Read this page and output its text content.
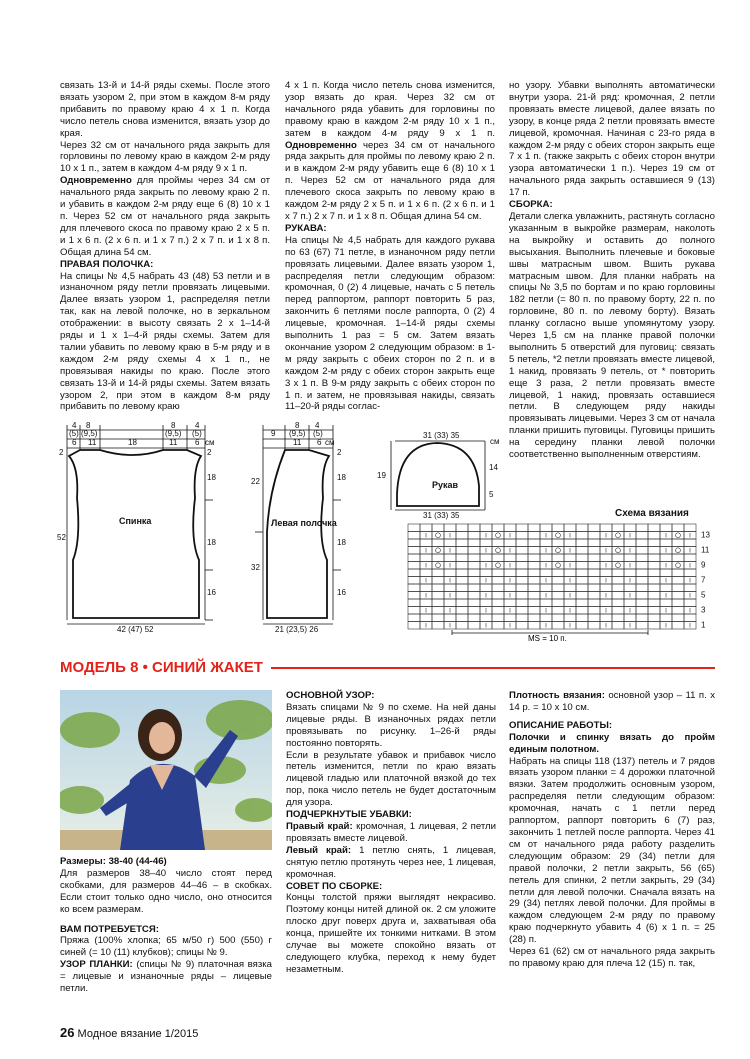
связать 13-й и 14-й ряды схемы. После этого вязать узором 2, при этом в каждом 8-м ряду прибавить по правому краю 4 х 1 п. Когда число петель снова изменится, вязать узор до края.

Через 32 см от начального ряда закрыть для горловины по левому краю в каждом 2-м ряду 10 х 1 п., затем в каждом 4-м ряду 9 х 1 п.

Одновременно для проймы через 34 см от начального ряда закрыть по левому краю 2 п. и убавить в каждом 2-м ряду еще 6 (8) 10 х 1 п. Через 52 см от начального ряда закрыть для плечевого скоса по правому краю 2 х 5 п. и 1 х 6 п. (2 х 6 п. и 1 х 7 п.) 2 х 7 п. и 1 х 8 п. Общая длина 54 см.

ПРАВАЯ ПОЛОЧКА:

На спицы № 4,5 набрать 43 (48) 53 петли и в изнаночном ряду петли провязать лицевыми. Далее вязать узором 1, распределяя петли так, как на левой полочке, но в зеркальном отображении: в высоту связать 2 х 1–14-й ряды и 1 х 1–4-й ряды схемы. Затем для талии убавить по левому краю в 5-м ряду и в каждом 2-м ряду схемы 4 х 1 п., не провязывая накиды по краю. После этого связать 13-й и 14-й ряды схемы. Затем вязать узором 2, при этом в каждом 8-м ряду прибавить по левому краю

4 х 1 п. Когда число петель снова изменится, узор вязать до края. Через 32 см от начального ряда убавить для горловины по правому краю в каждом 2-м ряду 10 х 1 п., затем в каждом 4-м ряду 9 х 1 п. Одновременно через 34 см от начального ряда закрыть для проймы по левому краю 2 п. и в каждом 2-м ряду убавить еще 6 (8) 10 х 1 п. Через 52 см от начального ряда для плечевого скоса закрыть по левому краю в каждом 2-м ряду 2 х 5 п. и 1 х 6 п. (2 х 6 п. и 1 х 7 п.) 2 х 7 п. и 1 х 8 п. Общая длина 54 см.

РУКАВА:

На спицы № 4,5 набрать для каждого рукава по 63 (67) 71 петле, в изнаночном ряду петли провязать лицевыми. Далее вязать узором 1, распределяя петли следующим образом: кромочная, 0 (2) 4 лицевые, начать с 5 петель перед раппортом, раппорт повторить 5 раз, закончить 6 петлями после раппорта, 0 (2) 4 лицевые, кромочная. 1–14-й ряды схемы выполнить 1 раз = 5 см. Затем вязать окончание узором 2 следующим образом: в 1-м ряду закрыть с обеих сторон по 2 п. и в каждом 2-м ряду с обеих сторон закрыть еще 3 х 1 п. В 9-м ряду закрыть с обеих сторон по 1 п. и затем, не провязывая накиды, связать 11–20-й ряды соглас-

но узору. Убавки выполнять автоматически внутри узора. 21-й ряд: кромочная, 2 петли провязать вместе лицевой, далее вязать по узору, в конце ряда 2 петли провязать вместе лицевой, кромочная. Начиная с 23-го ряда в каждом 2-м ряду с обеих сторон закрыть еще 7 х 1 п. (также закрыть с обеих сторон внутри узора автоматически 1 п.). Через 19 см от начального ряда закрыть оставшиеся 9 (13) 17 п.

СБОРКА:

Детали слегка увлажнить, растянуть согласно указанным в выкройке размерам, наколоть на выкройку и оставить до полного высыхания. Выполнить плечевые и боковые швы матрасным швом. Вшить рукава матрасным швом. Для планки набрать на спицы № 3,5 по бортам и по краю горловины 182 петли (= 80 п. по правому борту, 22 п. по горловине, 80 п. по левому борту). Вязать планку согласно выше упомянутому узору. Через 1,5 см на планке правой полочки выполнить 5 отверстий для пуговиц: связать 5 петель, *2 петли провязать вместе лицевой, 1 накид, провязать 9 петель, от * повторить еще 3 раза, 2 петли провязать вместе лицевой, 1 накид, провязать оставшиеся петли. В следующем ряду накиды провязывать лицевыми. Через 3 см от начала планки пришить пуговицы. Пуговицы пришить на середину планки левой полочки соответственно выполненным отверстиям.

4 8	8 4
(5) (9,5)	(9,5) (5)
6 11	18	11 6 см
2	2
52
18
18
16
42 (47) 52
Спинка
8 4
9 (9,5) (5)
11 6 см
22
32
2
18
18
16
21 (23,5) 26
Левая полочка
31 (33) 35
31 (33) 35
19
14
5
см
Рукав
Схема вязания
13
11
9
7
5
3
1
MS = 10 п.
МОДЕЛЬ 8 • СИНИЙ ЖАКЕТ

Размеры: 38-40 (44-46)

Для размеров 38–40 число стоят перед скобками, для размеров 44–46 – в скобках. Если стоит только одно число, оно относится ко всем размерам.

ВАМ ПОТРЕБУЕТСЯ:

Пряжа (100% хлопка; 65 м/50 г) 500 (550) г синей (= 10 (11) клубков); спицы № 9.

УЗОР ПЛАНКИ: (спицы № 9) платочная вязка = лицевые и изнаночные ряды – лицевые петли.

ОСНОВНОЙ УЗОР:

Вязать спицами № 9 по схеме. На ней даны лицевые ряды. В изнаночных рядах петли провязывать по рисунку. 1–26-й ряды постоянно повторять.

Если в результате убавок и прибавок число петель изменится, петли по краю вязать лицевой гладью или платочной вязкой до тех пор, пока число петель не будет достаточным для узора.

ПОДЧЕРКНУТЫЕ УБАВКИ:

Правый край: кромочная, 1 лицевая, 2 петли провязать вместе лицевой.

Левый край: 1 петлю снять, 1 лицевая, снятую петлю протянуть через нее, 1 лицевая, кромочная.

СОВЕТ ПО СБОРКЕ:

Концы толстой пряжи выглядят некрасиво. Поэтому концы нитей длиной ок. 2 см уложите плоско друг поверх друга и, захватывая оба конца, пришейте их тонкими нитками. В этом случае вы можете спокойно вязать от следующего клубка, переход к нему будет незаметным.

Плотность вязания: основной узор – 11 п. х 14 р. = 10 х 10 см.

ОПИСАНИЕ РАБОТЫ:

Полочки и спинку вязать до пройм единым полотном.

Набрать на спицы 118 (137) петель и 7 рядов вязать узором планки = 4 дорожки платочной вязки. Затем продолжить основным узором, распределяя петли следующим образом: кромочная, начать с 1 петли перед раппортом, раппорт повторить 6 (7) раз, закончить 1 петлей после раппорта. Через 41 см от начального ряда работу разделить следующим образом: 29 (34) петли для правой полочки, 2 петли закрыть, 56 (65) петель для спинки, 2 петли закрыть, 29 (34) петли для левой полочки. Сначала вязать на 29 (34) петлях левой полочки. Для проймы в каждом следующем 2-м ряду по правому краю подчеркнуто убавить 4 (6) х 1 п. = 25 (28) п.

Через 61 (62) см от начального ряда закрыть по правому краю для плеча 12 (15) п. так,

26 Модное вязание 1/2015
